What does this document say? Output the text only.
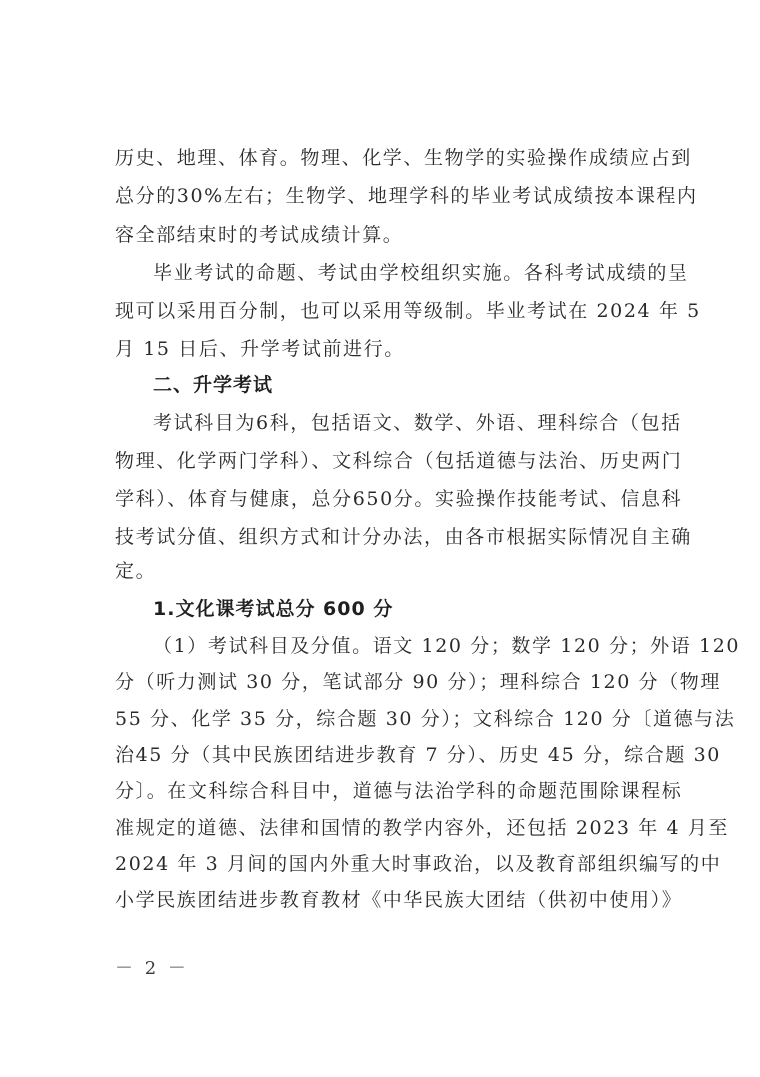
历史、地理、体育。物理、化学、生物学的实验操作成绩应占到
总分的30%左右；生物学、地理学科的毕业考试成绩按本课程内
容全部结束时的考试成绩计算。
毕业考试的命题、考试由学校组织实施。各科考试成绩的呈
现可以采用百分制，也可以采用等级制。毕业考试在 2024 年 5
月 15 日后、升学考试前进行。
二、升学考试
考试科目为6科，包括语文、数学、外语、理科综合（包括
物理、化学两门学科）、文科综合（包括道德与法治、历史两门
学科）、体育与健康，总分650分。实验操作技能考试、信息科
技考试分值、组织方式和计分办法，由各市根据实际情况自主确
定。
1.文化课考试总分 600 分
（1）考试科目及分值。语文 120 分；数学 120 分；外语 120
分（听力测试 30 分，笔试部分 90 分）；理科综合 120 分（物理
55 分、化学 35 分，综合题 30 分）；文科综合 120 分〔道德与法
治45 分（其中民族团结进步教育 7 分）、历史 45 分，综合题 30
分〕。在文科综合科目中，道德与法治学科的命题范围除课程标
准规定的道德、法律和国情的教学内容外，还包括 2023 年 4 月至
2024 年 3 月间的国内外重大时事政治，以及教育部组织编写的中
小学民族团结进步教育教材《中华民族大团结（供初中使用）》
－ 2 －
